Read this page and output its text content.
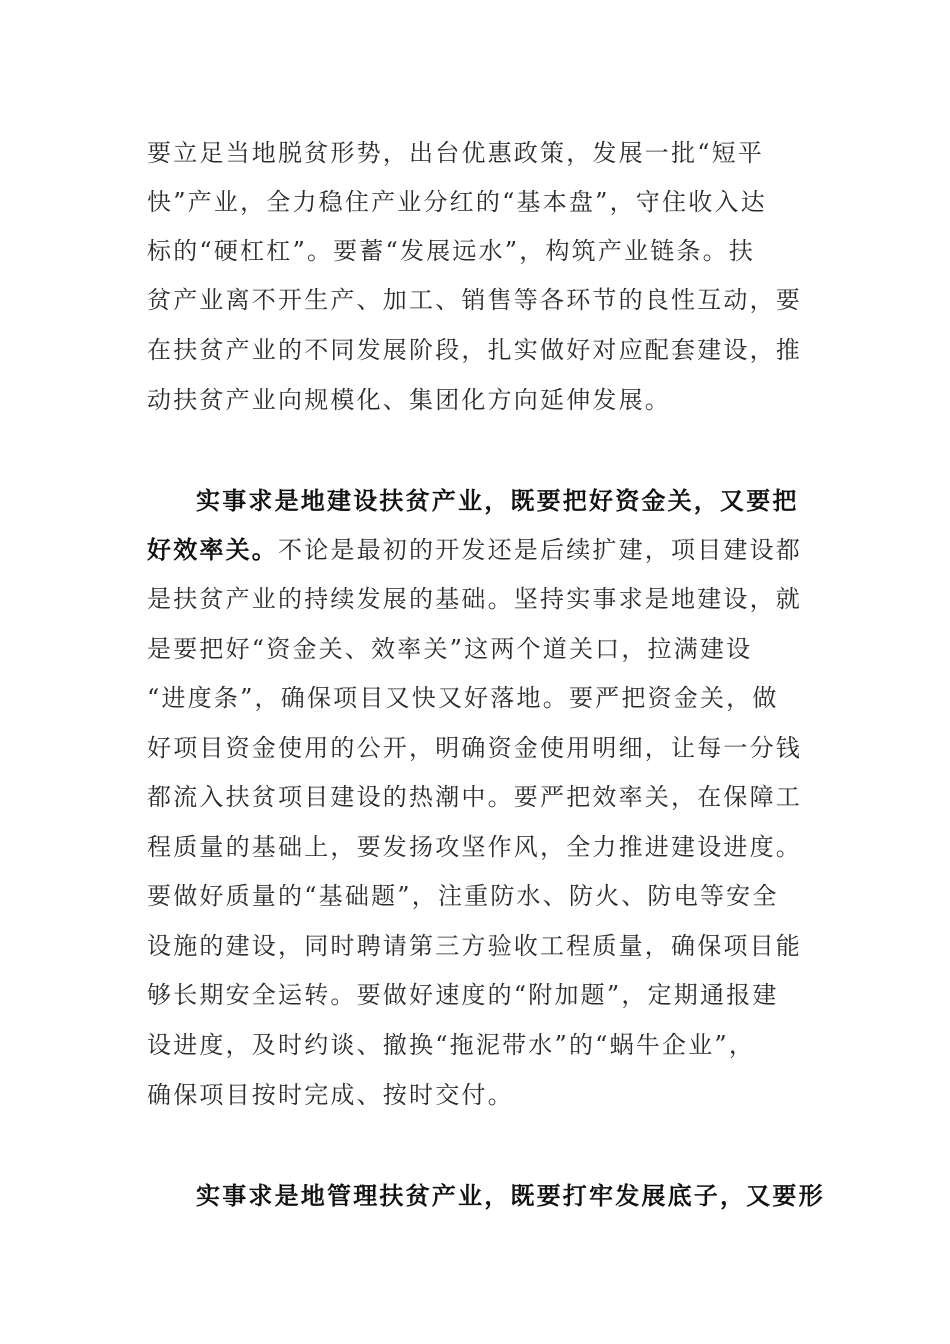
要立足当地脱贫形势，出台优惠政策，发展一批“短平
快”产业，全力稳住产业分红的“基本盘”，守住收入达
标的“硬杠杠”。要蓄“发展远水”，构筑产业链条。扶
贫产业离不开生产、加工、销售等各环节的良性互动，要
在扶贫产业的不同发展阶段，扎实做好对应配套建设，推
动扶贫产业向规模化、集团化方向延伸发展。
实事求是地建设扶贫产业，既要把好资金关，又要把
好效率关。不论是最初的开发还是后续扩建，项目建设都
是扶贫产业的持续发展的基础。坚持实事求是地建设，就
是要把好“资金关、效率关”这两个道关口，拉满建设
“进度条”，确保项目又快又好落地。要严把资金关，做
好项目资金使用的公开，明确资金使用明细，让每一分钱
都流入扶贫项目建设的热潮中。要严把效率关，在保障工
程质量的基础上，要发扬攻坚作风，全力推进建设进度。
要做好质量的“基础题”，注重防水、防火、防电等安全
设施的建设，同时聘请第三方验收工程质量，确保项目能
够长期安全运转。要做好速度的“附加题”，定期通报建
设进度，及时约谈、撤换“拖泥带水”的“蜗牛企业”，
确保项目按时完成、按时交付。
实事求是地管理扶贫产业，既要打牢发展底子，又要形
